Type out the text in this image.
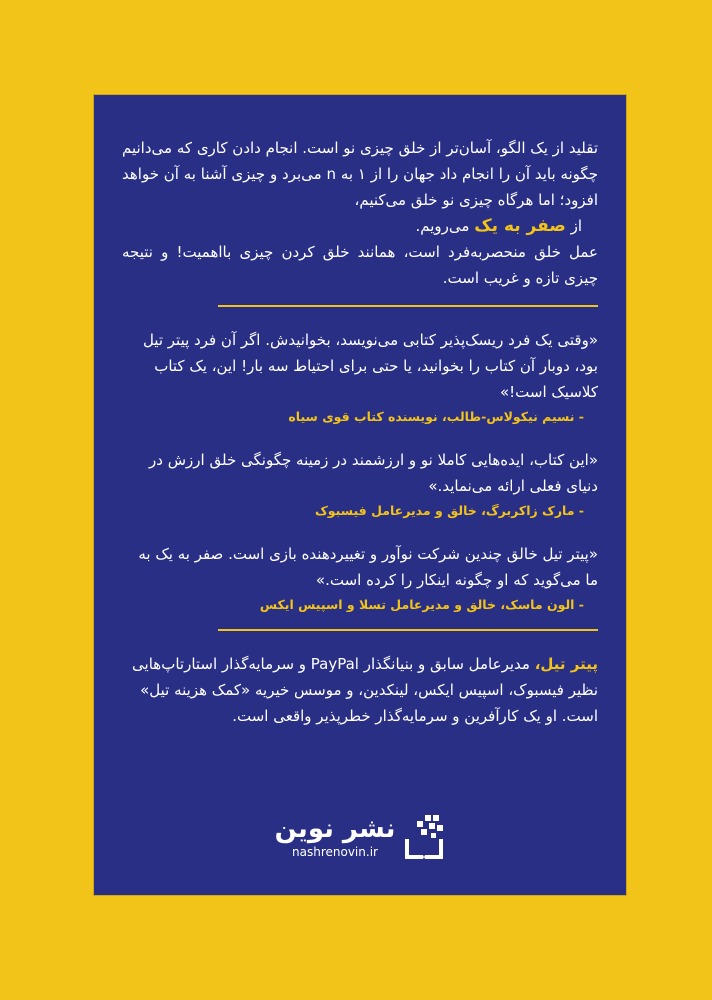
تقلید از یک الگو، آسان‌تر از خلق چیزی نو است. انجام دادن کاری که می‌دانیم چگونه باید آن را انجام داد جهان را از ۱ به n می‌برد و چیزی آشنا به آن خواهد افزود؛ اما هرگاه چیزی نو خلق می‌کنیم،

از صفر به یک می‌رویم.

عمل خلق منحصربه‌فرد است، همانند خلق کردن چیزی بااهمیت! و نتیجه چیزی تازه و غریب است.

«وقتی یک فرد ریسک‌پذیر کتابی می‌نویسد، بخوانیدش. اگر آن فرد پیتر تیل بود، دوبار آن کتاب را بخوانید، یا حتی برای احتیاط سه بار! این، یک کتاب کلاسیک است!»

- نسیم نیکولاس‌-طالب، نویسنده کتاب قوی سیاه

«این کتاب، ایده‌هایی کاملا نو و ارزشمند در زمینه چگونگی خلق ارزش در دنیای فعلی ارائه می‌نماید.»

- مارک زاکربرگ، خالق و مدیرعامل فیسبوک

«پیتر تیل خالق چندین شرکت نوآور و تغییردهنده بازی است. صفر به یک به ما می‌گوید که او چگونه اینکار را کرده است.»

- الون ماسک، خالق و مدیرعامل تسلا و اسپیس ایکس

پیتر تیل، مدیرعامل سابق و بنیانگذار PayPal و سرمایه‌گذار استارتاپ‌هایی نظیر فیسبوک، اسپیس ایکس، لینکدین، و موسس خیریه «کمک هزینه تیل» است. او یک کارآفرین و سرمایه‌گذار خطرپذیر واقعی است.

نشر نوین
nashrenovin.ir
